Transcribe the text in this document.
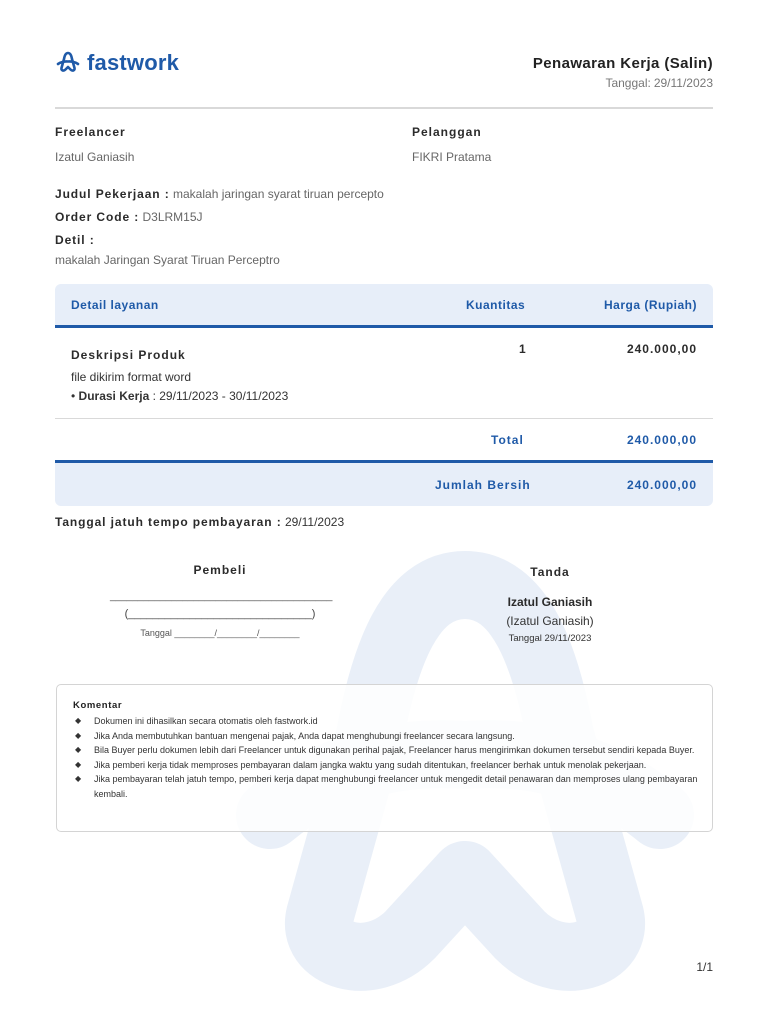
fastwork	Penawaran Kerja (Salin)
Tanggal: 29/11/2023
Freelancer
Izatul Ganiasih
Pelanggan
FIKRI Pratama
Judul Pekerjaan : makalah jaringan syarat tiruan percepto
Order Code : D3LRM15J
Detil :
makalah Jaringan Syarat Tiruan Perceptro
Detail layanan	Kuantitas	Harga (Rupiah)
Deskripsi Produk
file dikirim format word
• Durasi Kerja : 29/11/2023 - 30/11/2023
1	240.000,00
Total	240.000,00
Jumlah Bersih	240.000,00
Tanggal jatuh tempo pembayaran : 29/11/2023
Pembeli
________________________________________
(______________________________)
Tanggal ________/________/________
Tanda
Izatul Ganiasih
(Izatul Ganiasih)
Tanggal 29/11/2023
Komentar
◆ Dokumen ini dihasilkan secara otomatis oleh fastwork.id
◆ Jika Anda membutuhkan bantuan mengenai pajak, Anda dapat menghubungi freelancer secara langsung.
◆ Bila Buyer perlu dokumen lebih dari Freelancer untuk digunakan perihal pajak, Freelancer harus mengirimkan dokumen tersebut sendiri kepada Buyer.
◆ Jika pemberi kerja tidak memproses pembayaran dalam jangka waktu yang sudah ditentukan, freelancer berhak untuk menolak pekerjaan.
◆ Jika pembayaran telah jatuh tempo, pemberi kerja dapat menghubungi freelancer untuk mengedit detail penawaran dan memproses ulang pembayaran kembali.
1/1
